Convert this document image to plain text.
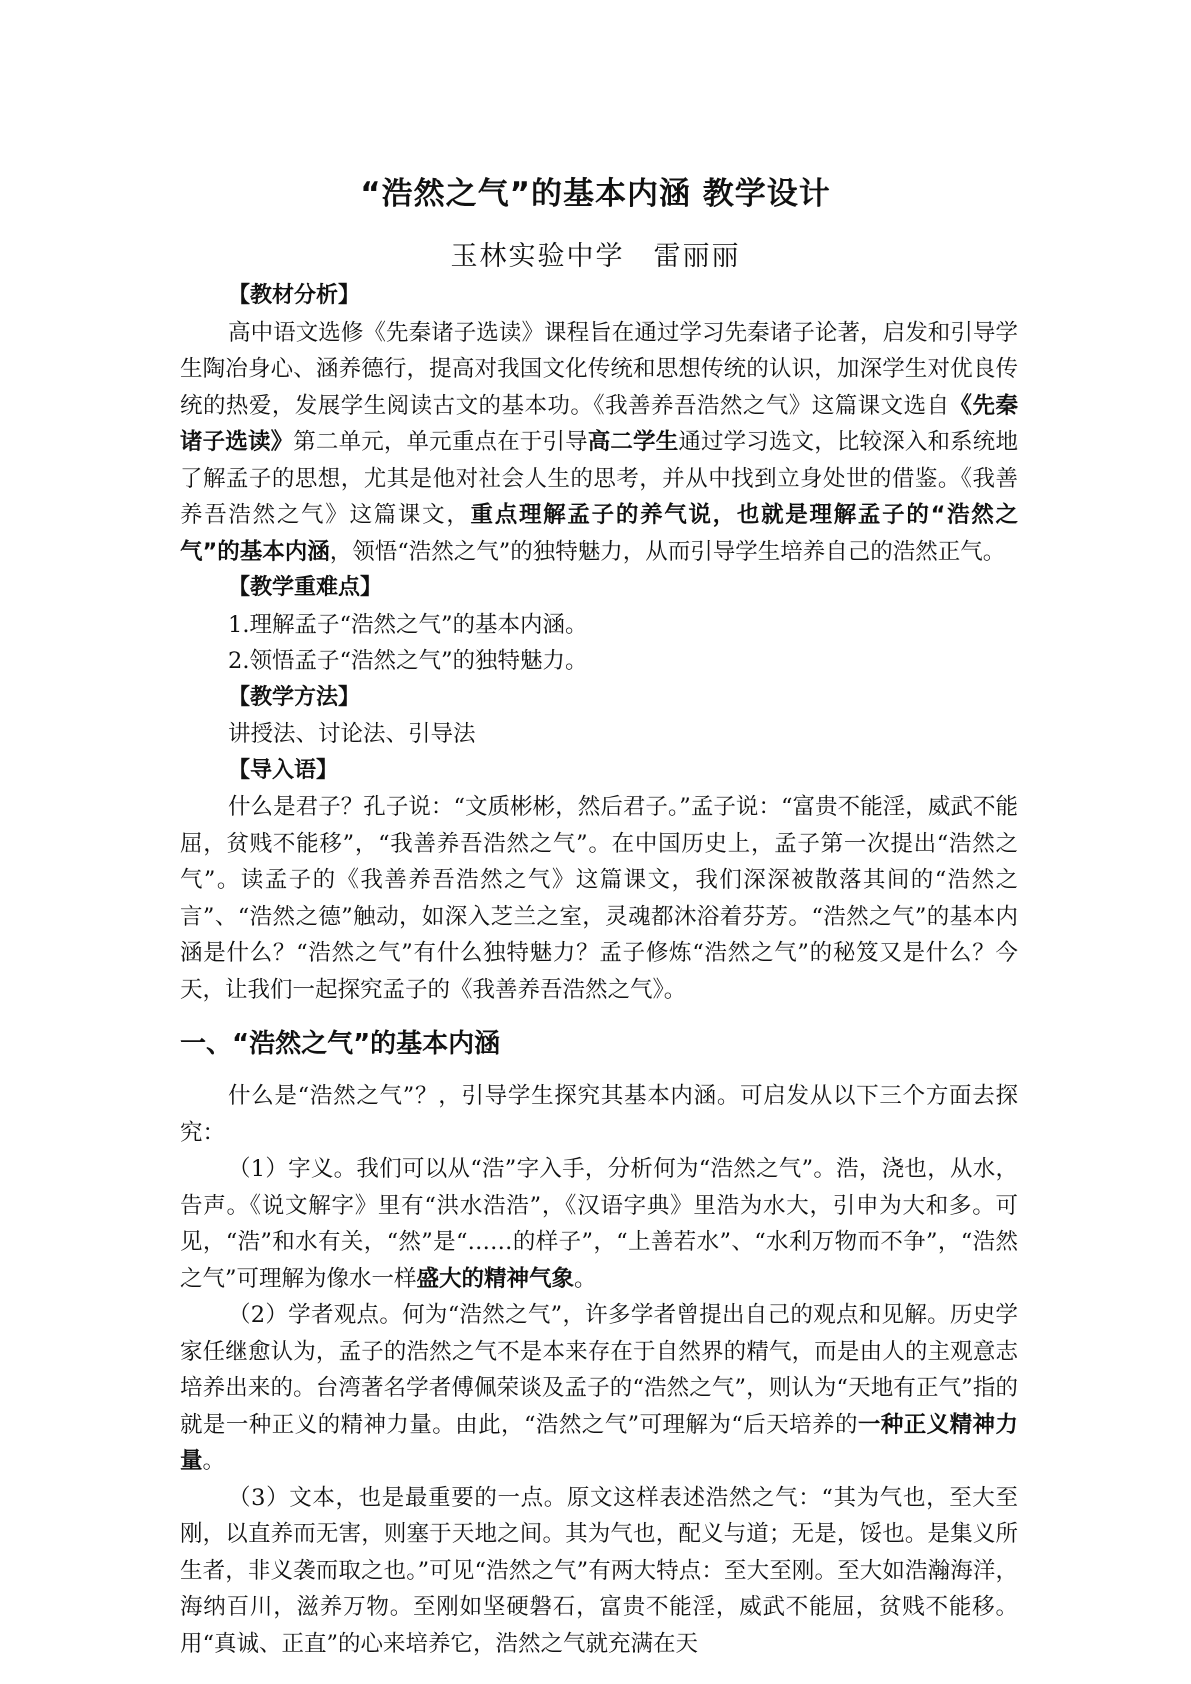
“浩然之气”的基本内涵 教学设计
玉林实验中学　雷丽丽

【教材分析】

高中语文选修《先秦诸子选读》课程旨在通过学习先秦诸子论著，启发和引导学生陶冶身心、涵养德行，提高对我国文化传统和思想传统的认识，加深学生对优良传统的热爱，发展学生阅读古文的基本功。《我善养吾浩然之气》这篇课文选自《先秦诸子选读》第二单元，单元重点在于引导高二学生通过学习选文，比较深入和系统地了解孟子的思想，尤其是他对社会人生的思考，并从中找到立身处世的借鉴。《我善养吾浩然之气》这篇课文，重点理解孟子的养气说，也就是理解孟子的“浩然之气”的基本内涵，领悟“浩然之气”的独特魅力，从而引导学生培养自己的浩然正气。

【教学重难点】

1.理解孟子“浩然之气”的基本内涵。

2.领悟孟子“浩然之气”的独特魅力。

【教学方法】

讲授法、讨论法、引导法

【导入语】

什么是君子？孔子说：“文质彬彬，然后君子。”孟子说：“富贵不能淫，威武不能屈，贫贱不能移”，“我善养吾浩然之气”。在中国历史上，孟子第一次提出“浩然之气”。读孟子的《我善养吾浩然之气》这篇课文，我们深深被散落其间的“浩然之言”、“浩然之德”触动，如深入芝兰之室，灵魂都沐浴着芬芳。“浩然之气”的基本内涵是什么？“浩然之气”有什么独特魅力？孟子修炼“浩然之气”的秘笈又是什么？今天，让我们一起探究孟子的《我善养吾浩然之气》。

一、“浩然之气”的基本内涵

什么是“浩然之气”？，引导学生探究其基本内涵。可启发从以下三个方面去探究：

（1）字义。我们可以从“浩”字入手，分析何为“浩然之气”。浩，浇也，从水，告声。《说文解字》里有“洪水浩浩”，《汉语字典》里浩为水大，引申为大和多。可见，“浩”和水有关，“然”是“……的样子”，“上善若水”、“水利万物而不争”，“浩然之气”可理解为像水一样盛大的精神气象。

（2）学者观点。何为“浩然之气”，许多学者曾提出自己的观点和见解。历史学家任继愈认为，孟子的浩然之气不是本来存在于自然界的精气，而是由人的主观意志培养出来的。台湾著名学者傅佩荣谈及孟子的“浩然之气”，则认为“天地有正气”指的就是一种正义的精神力量。由此，“浩然之气”可理解为“后天培养的一种正义精神力量。

（3）文本，也是最重要的一点。原文这样表述浩然之气：“其为气也，至大至刚，以直养而无害，则塞于天地之间。其为气也，配义与道；无是，馁也。是集义所生者，非义袭而取之也。”可见“浩然之气”有两大特点：至大至刚。至大如浩瀚海洋，海纳百川，滋养万物。至刚如坚硬磐石，富贵不能淫，威武不能屈，贫贱不能移。用“真诚、正直”的心来培养它，浩然之气就充满在天
